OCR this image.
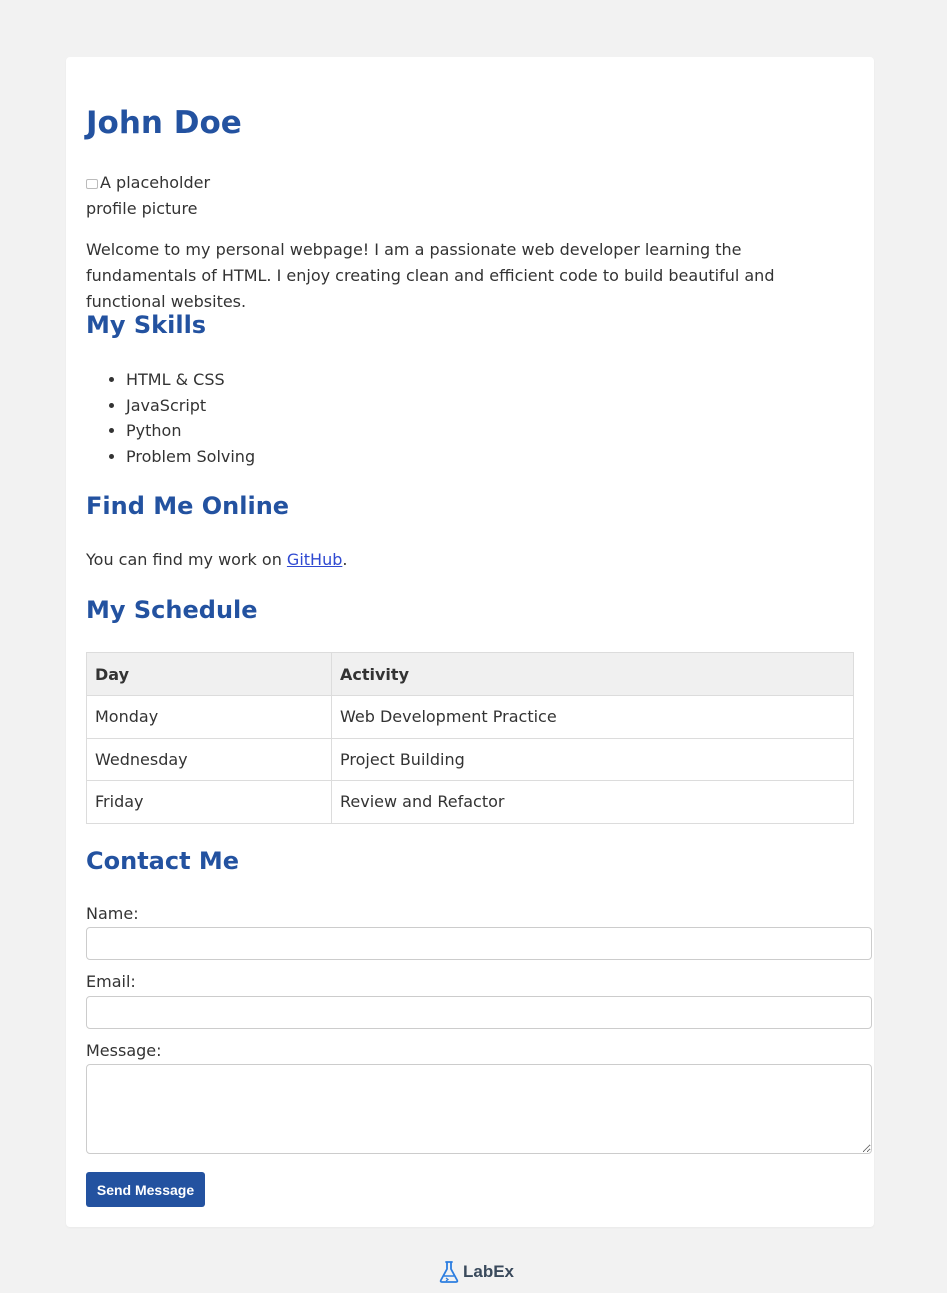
John Doe
A placeholder profile picture

Welcome to my personal webpage! I am a passionate web developer learning the fundamentals of HTML. I enjoy creating clean and efficient code to build beautiful and functional websites.

My Skills
• HTML & CSS
• JavaScript
• Python
• Problem Solving
Find Me Online

You can find my work on GitHub.

My Schedule
Day	Activity
Monday	Web Development Practice
Wednesday	Project Building
Friday	Review and Refactor
Contact Me
Name:
Email:
Message:
Send Message
LabEx
